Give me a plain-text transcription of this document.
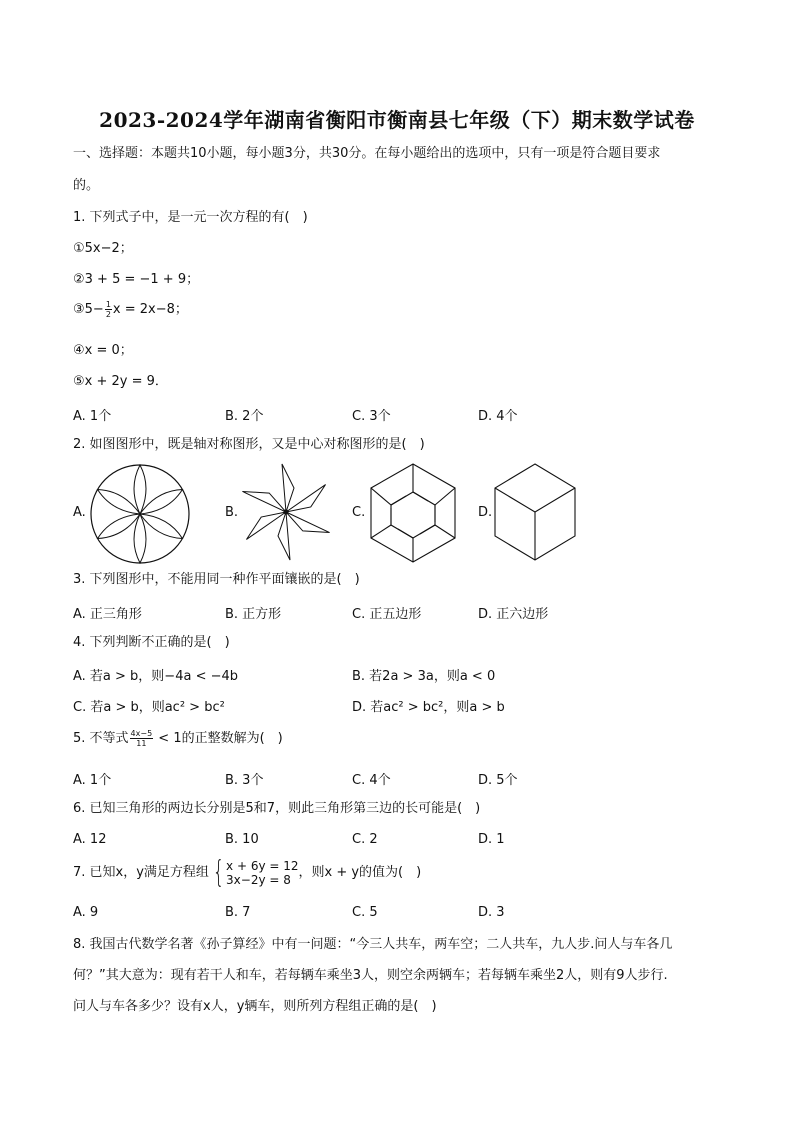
2023-2024学年湖南省衡阳市衡南县七年级（下）期末数学试卷
一、选择题：本题共10小题，每小题3分，共30分。在每小题给出的选项中，只有一项是符合题目要求
的。
1. 下列式子中，是一元一次方程的有(　)
①5x−2；
②3 + 5 = −1 + 9；
③5− $\frac{1}{2}$ x = 2x−8；
④x = 0；
⑤x + 2y = 9．
A. 1个	B. 2个	C. 3个	D. 4个
2. 如图图形中，既是轴对称图形，又是中心对称图形的是(　)
A.	B.	C.	D.
3. 下列图形中，不能用同一种作平面镶嵌的是(　)
A. 正三角形	B. 正方形	C. 正五边形	D. 正六边形
4. 下列判断不正确的是(　)
A. 若a > b，则−4a < −4b	B. 若2a > 3a，则a < 0
C. 若a > b，则ac² > bc²	D. 若ac² > bc²，则a > b
5. 不等式 $\frac{4x-5}{11} < 1$的正整数解为(　)
A. 1个	B. 3个	C. 4个	D. 5个
6. 已知三角形的两边长分别是5和7，则此三角形第三边的长可能是(　)
A. 12	B. 10	C. 2	D. 1
7. 已知x，y满足方程组 { x + 6y = 12
3x−2y = 8 ，则x + y的值为(　)
A. 9	B. 7	C. 5	D. 3
8. 我国古代数学名著《孙子算经》中有一问题：“今三人共车，两车空；二人共车，九人步.问人与车各几
何？”其大意为：现有若干人和车，若每辆车乘坐3人，则空余两辆车；若每辆车乘坐2人，则有9人步行.
问人与车各多少？设有x人，y辆车，则所列方程组正确的是(　)
